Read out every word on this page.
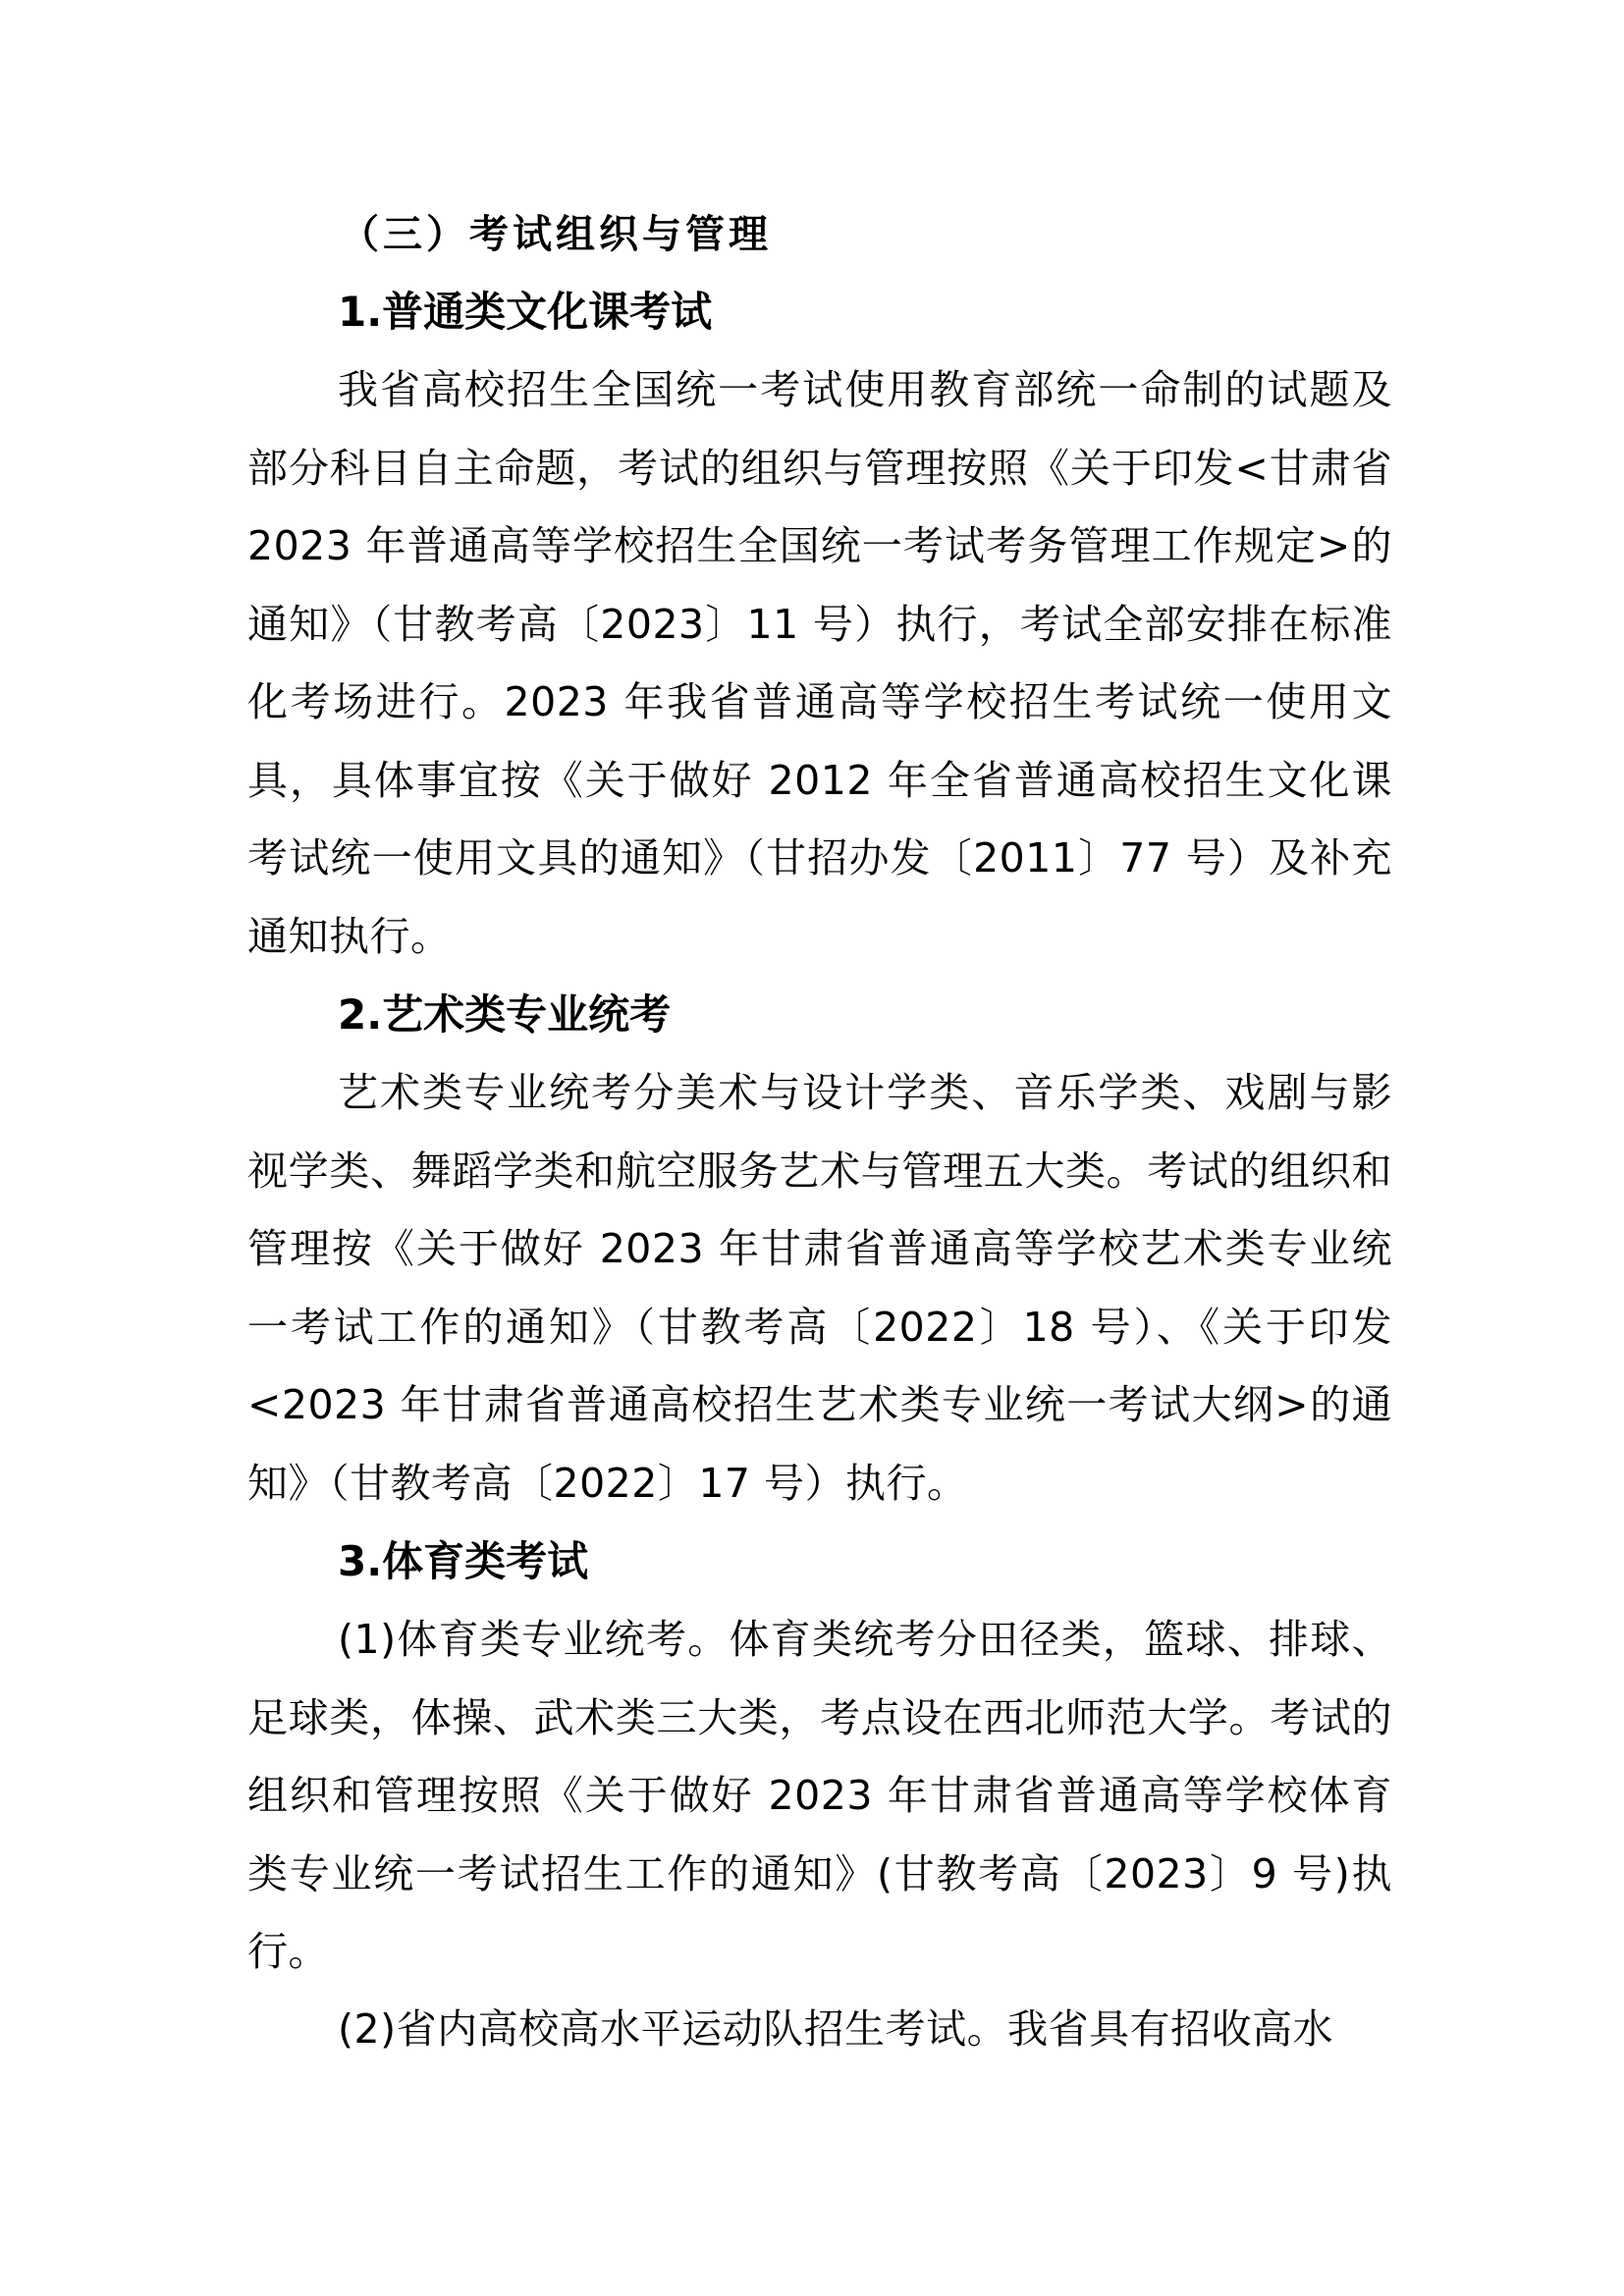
（三）考试组织与管理
1.普通类文化课考试

我省高校招生全国统一考试使用教育部统一命制的试题及部分科目自主命题，考试的组织与管理按照《关于印发<甘肃省 2023 年普通高等学校招生全国统一考试考务管理工作规定>的通知》（甘教考高〔2023〕11 号）执行，考试全部安排在标准化考场进行。2023 年我省普通高等学校招生考试统一使用文具，具体事宜按《关于做好 2012 年全省普通高校招生文化课考试统一使用文具的通知》（甘招办发〔2011〕77 号）及补充通知执行。

2.艺术类专业统考

艺术类专业统考分美术与设计学类、音乐学类、戏剧与影视学类、舞蹈学类和航空服务艺术与管理五大类。考试的组织和管理按《关于做好 2023 年甘肃省普通高等学校艺术类专业统一考试工作的通知》（甘教考高〔2022〕18 号）、《关于印发<2023 年甘肃省普通高校招生艺术类专业统一考试大纲>的通知》（甘教考高〔2022〕17 号）执行。

3.体育类考试

(1)体育类专业统考。体育类统考分田径类，篮球、排球、足球类，体操、武术类三大类，考点设在西北师范大学。考试的组织和管理按照《关于做好 2023 年甘肃省普通高等学校体育类专业统一考试招生工作的通知》(甘教考高〔2023〕9 号)执行。

(2)省内高校高水平运动队招生考试。我省具有招收高水
